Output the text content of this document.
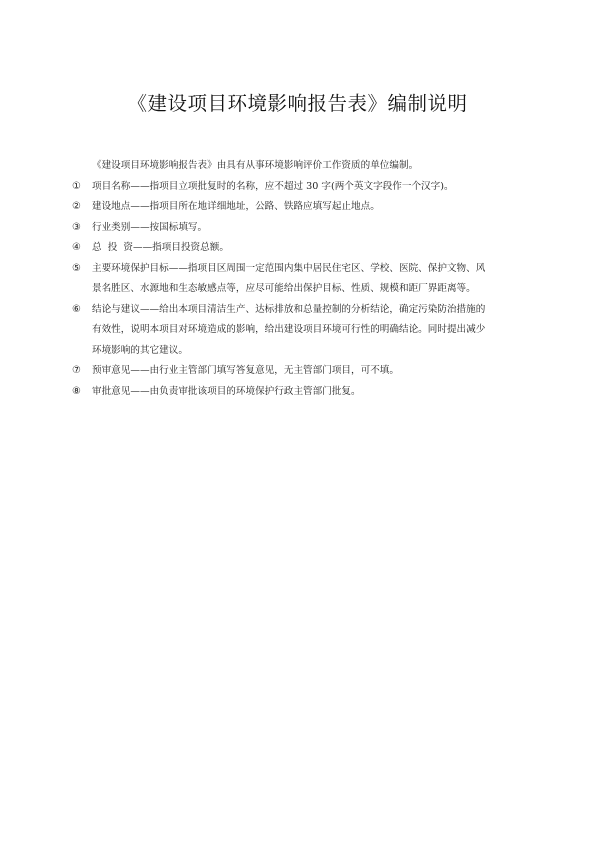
《建设项目环境影响报告表》编制说明
《建设项目环境影响报告表》由具有从事环境影响评价工作资质的单位编制。
① 项目名称——指项目立项批复时的名称，应不超过 30 字(两个英文字段作一个汉字)。
② 建设地点——指项目所在地详细地址，公路、铁路应填写起止地点。
③ 行业类别——按国标填写。
④ 总  投  资——指项目投资总额。
⑤ 主要环境保护目标——指项目区周围一定范围内集中居民住宅区、学校、医院、保护文物、风
景名胜区、水源地和生态敏感点等，应尽可能给出保护目标、性质、规模和距厂界距离等。
⑥ 结论与建议——给出本项目清洁生产、达标排放和总量控制的分析结论，确定污染防治措施的
有效性，说明本项目对环境造成的影响，给出建设项目环境可行性的明确结论。同时提出减少
环境影响的其它建议。
⑦ 预审意见——由行业主管部门填写答复意见，无主管部门项目，可不填。
⑧ 审批意见——由负责审批该项目的环境保护行政主管部门批复。
